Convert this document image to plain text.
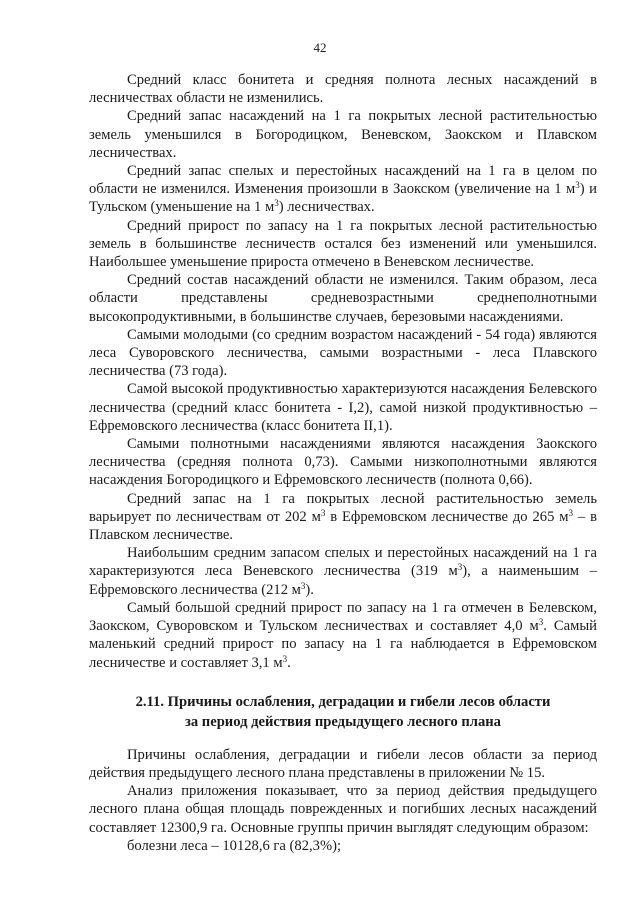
42

Средний класс бонитета и средняя полнота лесных насаждений в лесничествах области не изменились.

Средний запас насаждений на 1 га покрытых лесной растительностью земель уменьшился в Богородицком, Веневском, Заокском и Плавском лесничествах.

Средний запас спелых и перестойных насаждений на 1 га в целом по области не изменился. Изменения произошли в Заокском (увеличение на 1 $м^3$) и Тульском (уменьшение на 1 $м^3$) лесничествах.

Средний прирост по запасу на 1 га покрытых лесной растительностью земель в большинстве лесничеств остался без изменений или уменьшился. Наибольшее уменьшение прироста отмечено в Веневском лесничестве.

Средний состав насаждений области не изменился. Таким образом, леса области представлены средневозрастными среднеполнотными высокопродуктивными, в большинстве случаев, березовыми насаждениями.

Самыми молодыми (со средним возрастом насаждений - 54 года) являются леса Суворовского лесничества, самыми возрастными - леса Плавского лесничества (73 года).

Самой высокой продуктивностью характеризуются насаждения Белевского лесничества (средний класс бонитета - I,2), самой низкой продуктивностью – Ефремовского лесничества (класс бонитета II,1).

Самыми полнотными насаждениями являются насаждения Заокского лесничества (средняя полнота 0,73). Самыми низкополнотными являются насаждения Богородицкого и Ефремовского лесничеств (полнота 0,66).

Средний запас на 1 га покрытых лесной растительностью земель варьирует по лесничествам от 202 $м^3$ в Ефремовском лесничестве до 265 $м^3$ – в Плавском лесничестве.

Наибольшим средним запасом спелых и перестойных насаждений на 1 га характеризуются леса Веневского лесничества (319 $м^3$), а наименьшим – Ефремовского лесничества (212 $м^3$).

Самый большой средний прирост по запасу на 1 га отмечен в Белевском, Заокском, Суворовском и Тульском лесничествах и составляет 4,0 $м^3$. Самый маленький средний прирост по запасу на 1 га наблюдается в Ефремовском лесничестве и составляет 3,1 $м^3$.

2.11. Причины ослабления, деградации и гибели лесов области
за период действия предыдущего лесного плана

Причины ослабления, деградации и гибели лесов области за период действия предыдущего лесного плана представлены в приложении № 15.

Анализ приложения показывает, что за период действия предыдущего лесного плана общая площадь поврежденных и погибших лесных насаждений составляет 12300,9 га. Основные группы причин выглядят следующим образом:

болезни леса – 10128,6 га (82,3%);
